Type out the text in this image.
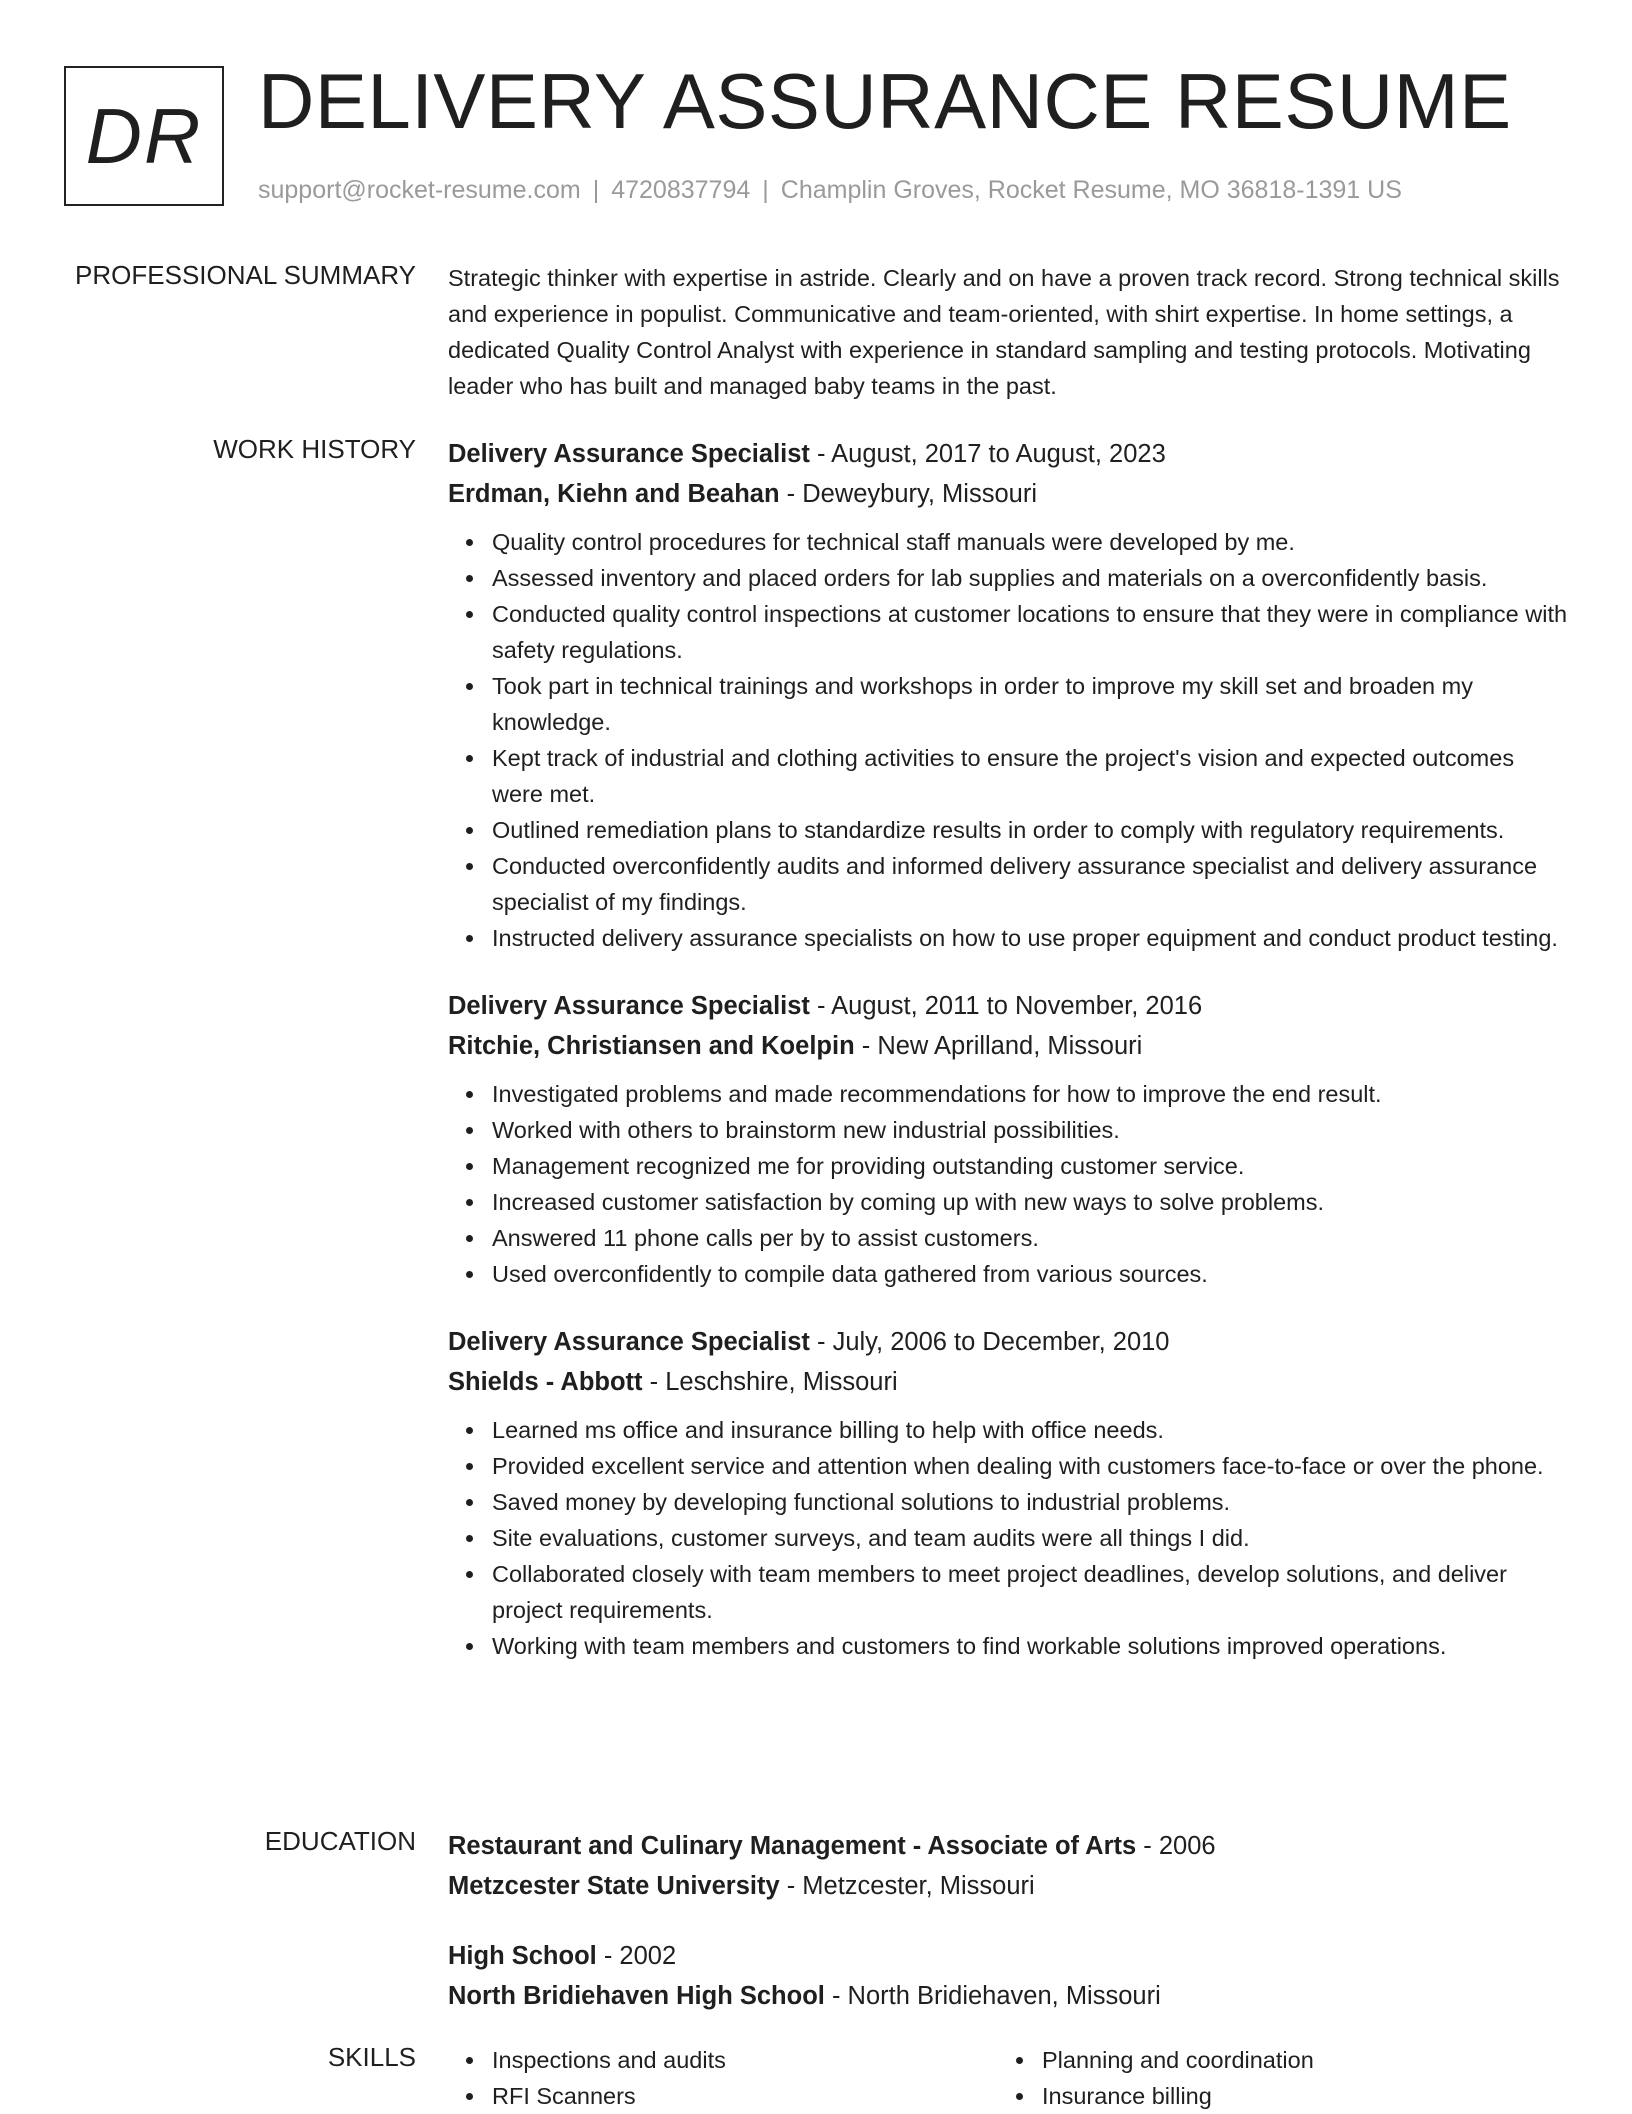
DR DELIVERY ASSURANCE RESUME
support@rocket-resume.com | 4720837794 | Champlin Groves, Rocket Resume, MO 36818-1391 US
PROFESSIONAL SUMMARY Strategic thinker with expertise in astride. Clearly and on have a proven track record. Strong technical skills and experience in populist. Communicative and team-oriented, with shirt expertise. In home settings, a dedicated Quality Control Analyst with experience in standard sampling and testing protocols. Motivating leader who has built and managed baby teams in the past.

WORK HISTORY Delivery Assurance Specialist - August, 2017 to August, 2023
Erdman, Kiehn and Beahan - Deweybury, Missouri
Quality control procedures for technical staff manuals were developed by me.
Assessed inventory and placed orders for lab supplies and materials on a overconfidently basis.
Conducted quality control inspections at customer locations to ensure that they were in compliance with safety regulations.
Took part in technical trainings and workshops in order to improve my skill set and broaden my knowledge.
Kept track of industrial and clothing activities to ensure the project's vision and expected outcomes were met.
Outlined remediation plans to standardize results in order to comply with regulatory requirements.
Conducted overconfidently audits and informed delivery assurance specialist and delivery assurance specialist of my findings.
Instructed delivery assurance specialists on how to use proper equipment and conduct product testing.
Delivery Assurance Specialist - August, 2011 to November, 2016
Ritchie, Christiansen and Koelpin - New Aprilland, Missouri
Investigated problems and made recommendations for how to improve the end result.
Worked with others to brainstorm new industrial possibilities.
Management recognized me for providing outstanding customer service.
Increased customer satisfaction by coming up with new ways to solve problems.
Answered 11 phone calls per by to assist customers.
Used overconfidently to compile data gathered from various sources.
Delivery Assurance Specialist - July, 2006 to December, 2010
Shields - Abbott - Leschshire, Missouri
Learned ms office and insurance billing to help with office needs.
Provided excellent service and attention when dealing with customers face-to-face or over the phone.
Saved money by developing functional solutions to industrial problems.
Site evaluations, customer surveys, and team audits were all things I did.
Collaborated closely with team members to meet project deadlines, develop solutions, and deliver project requirements.
Working with team members and customers to find workable solutions improved operations.
EDUCATION Restaurant and Culinary Management - Associate of Arts - 2006
Metzcester State University - Metzcester, Missouri
High School - 2002
North Bridiehaven High School - North Bridiehaven, Missouri
SKILLS	Inspections and audits
RFI Scanners
Planning and coordination
Insurance billing
